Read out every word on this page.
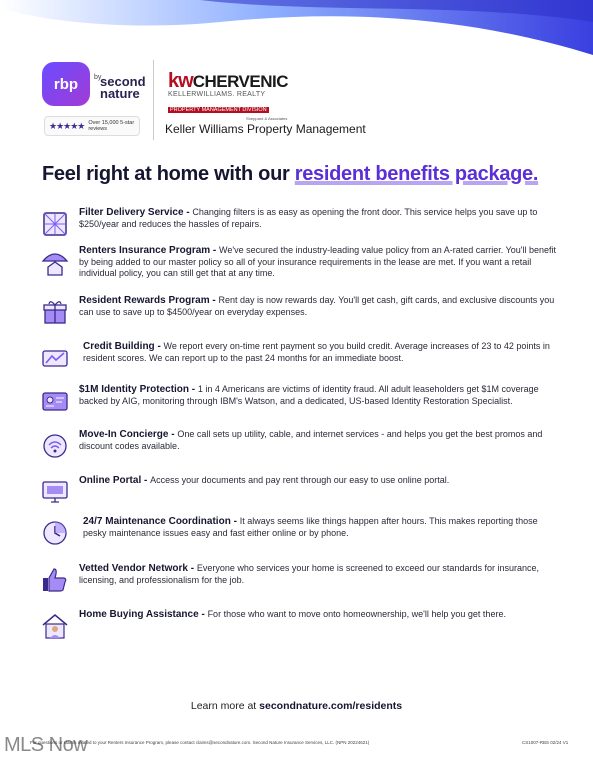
rbp	by
second nature
★★★★★ Over 15,000 5-star reviews
kwCHERVENIC
KELLERWILLIAMS. REALTY
PROPERTY MANAGEMENT DIVISION
Sheppard & Associates
Keller Williams Property Management
Feel right at home with our resident benefits package.
Filter Delivery Service - Changing filters is as easy as opening the front door. This service helps you save up to $250/year and reduces the hassles of repairs.
Renters Insurance Program - We've secured the industry-leading value policy from an A-rated carrier. You'll benefit by being added to our master policy so all of your insurance requirements in the lease are met. If you want a retail individual policy, you can still get that at any time.
Resident Rewards Program - Rent day is now rewards day. You'll get cash, gift cards, and exclusive discounts you can use to save up to $4500/year on everyday expenses.
Credit Building - We report every on-time rent payment so you build credit. Average increases of 23 to 42 points in resident scores. We can report up to the past 24 months for an immediate boost.
$1M Identity Protection - 1 in 4 Americans are victims of identity fraud. All adult leaseholders get $1M coverage backed by AIG, monitoring through IBM's Watson, and a dedicated, US-based Identity Restoration Specialist.
Move-In Concierge - One call sets up utility, cable, and internet services - and helps you get the best promos and discount codes available.
Online Portal - Access your documents and pay rent through our easy to use online portal.
24/7 Maintenance Coordination - It always seems like things happen after hours. This makes reporting those pesky maintenance issues easy and fast either online or by phone.
Vetted Vendor Network - Everyone who services your home is screened to exceed our standards for insurance, licensing, and professionalism for the job.
Home Buying Assistance - For those who want to move onto homeownership, we'll help you get there.
Learn more at secondnature.com/residents
For questions or claims related to your Renters Insurance Program, please contact claims@secondnature.com. Second Nature Insurance Services, LLC. (NPN 20224621)	CS1007-RBS 02/24 V1
MLS Now
